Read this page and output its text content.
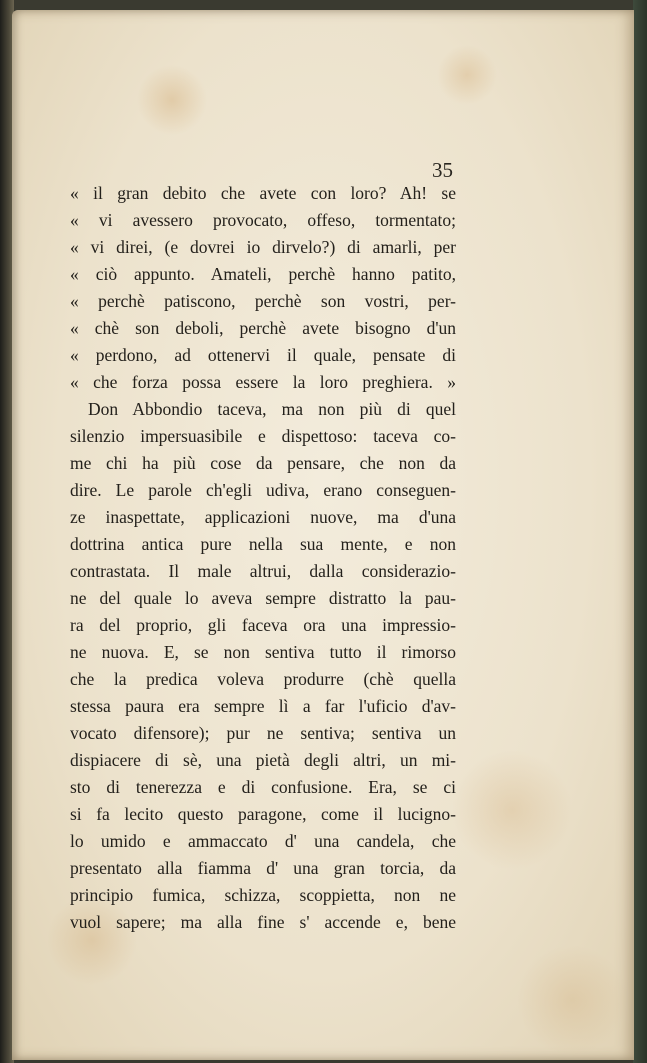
35
« il gran debito che avete con loro? Ah! se
« vi avessero provocato, offeso, tormentato;
« vi direi, (e dovrei io dirvelo?) di amarli, per
« ciò appunto. Amateli, perchè hanno patito,
« perchè patiscono, perchè son vostri, per-
« chè son deboli, perchè avete bisogno d'un
« perdono, ad ottenervi il quale, pensate di
« che forza possa essere la loro preghiera. »
Don Abbondio taceva, ma non più di quel
silenzio impersuasibile e dispettoso: taceva co-
me chi ha più cose da pensare, che non da
dire. Le parole ch'egli udiva, erano conseguen-
ze inaspettate, applicazioni nuove, ma d'una
dottrina antica pure nella sua mente, e non
contrastata. Il male altrui, dalla considerazio-
ne del quale lo aveva sempre distratto la pau-
ra del proprio, gli faceva ora una impressio-
ne nuova. E, se non sentiva tutto il rimorso
che la predica voleva produrre (chè quella
stessa paura era sempre lì a far l'uficio d'av-
vocato difensore); pur ne sentiva; sentiva un
dispiacere di sè, una pietà degli altri, un mi-
sto di tenerezza e di confusione. Era, se ci
si fa lecito questo paragone, come il lucigno-
lo umido e ammaccato d' una candela, che
presentato alla fiamma d' una gran torcia, da
principio fumica, schizza, scoppietta, non ne
vuol sapere; ma alla fine s' accende e, bene
